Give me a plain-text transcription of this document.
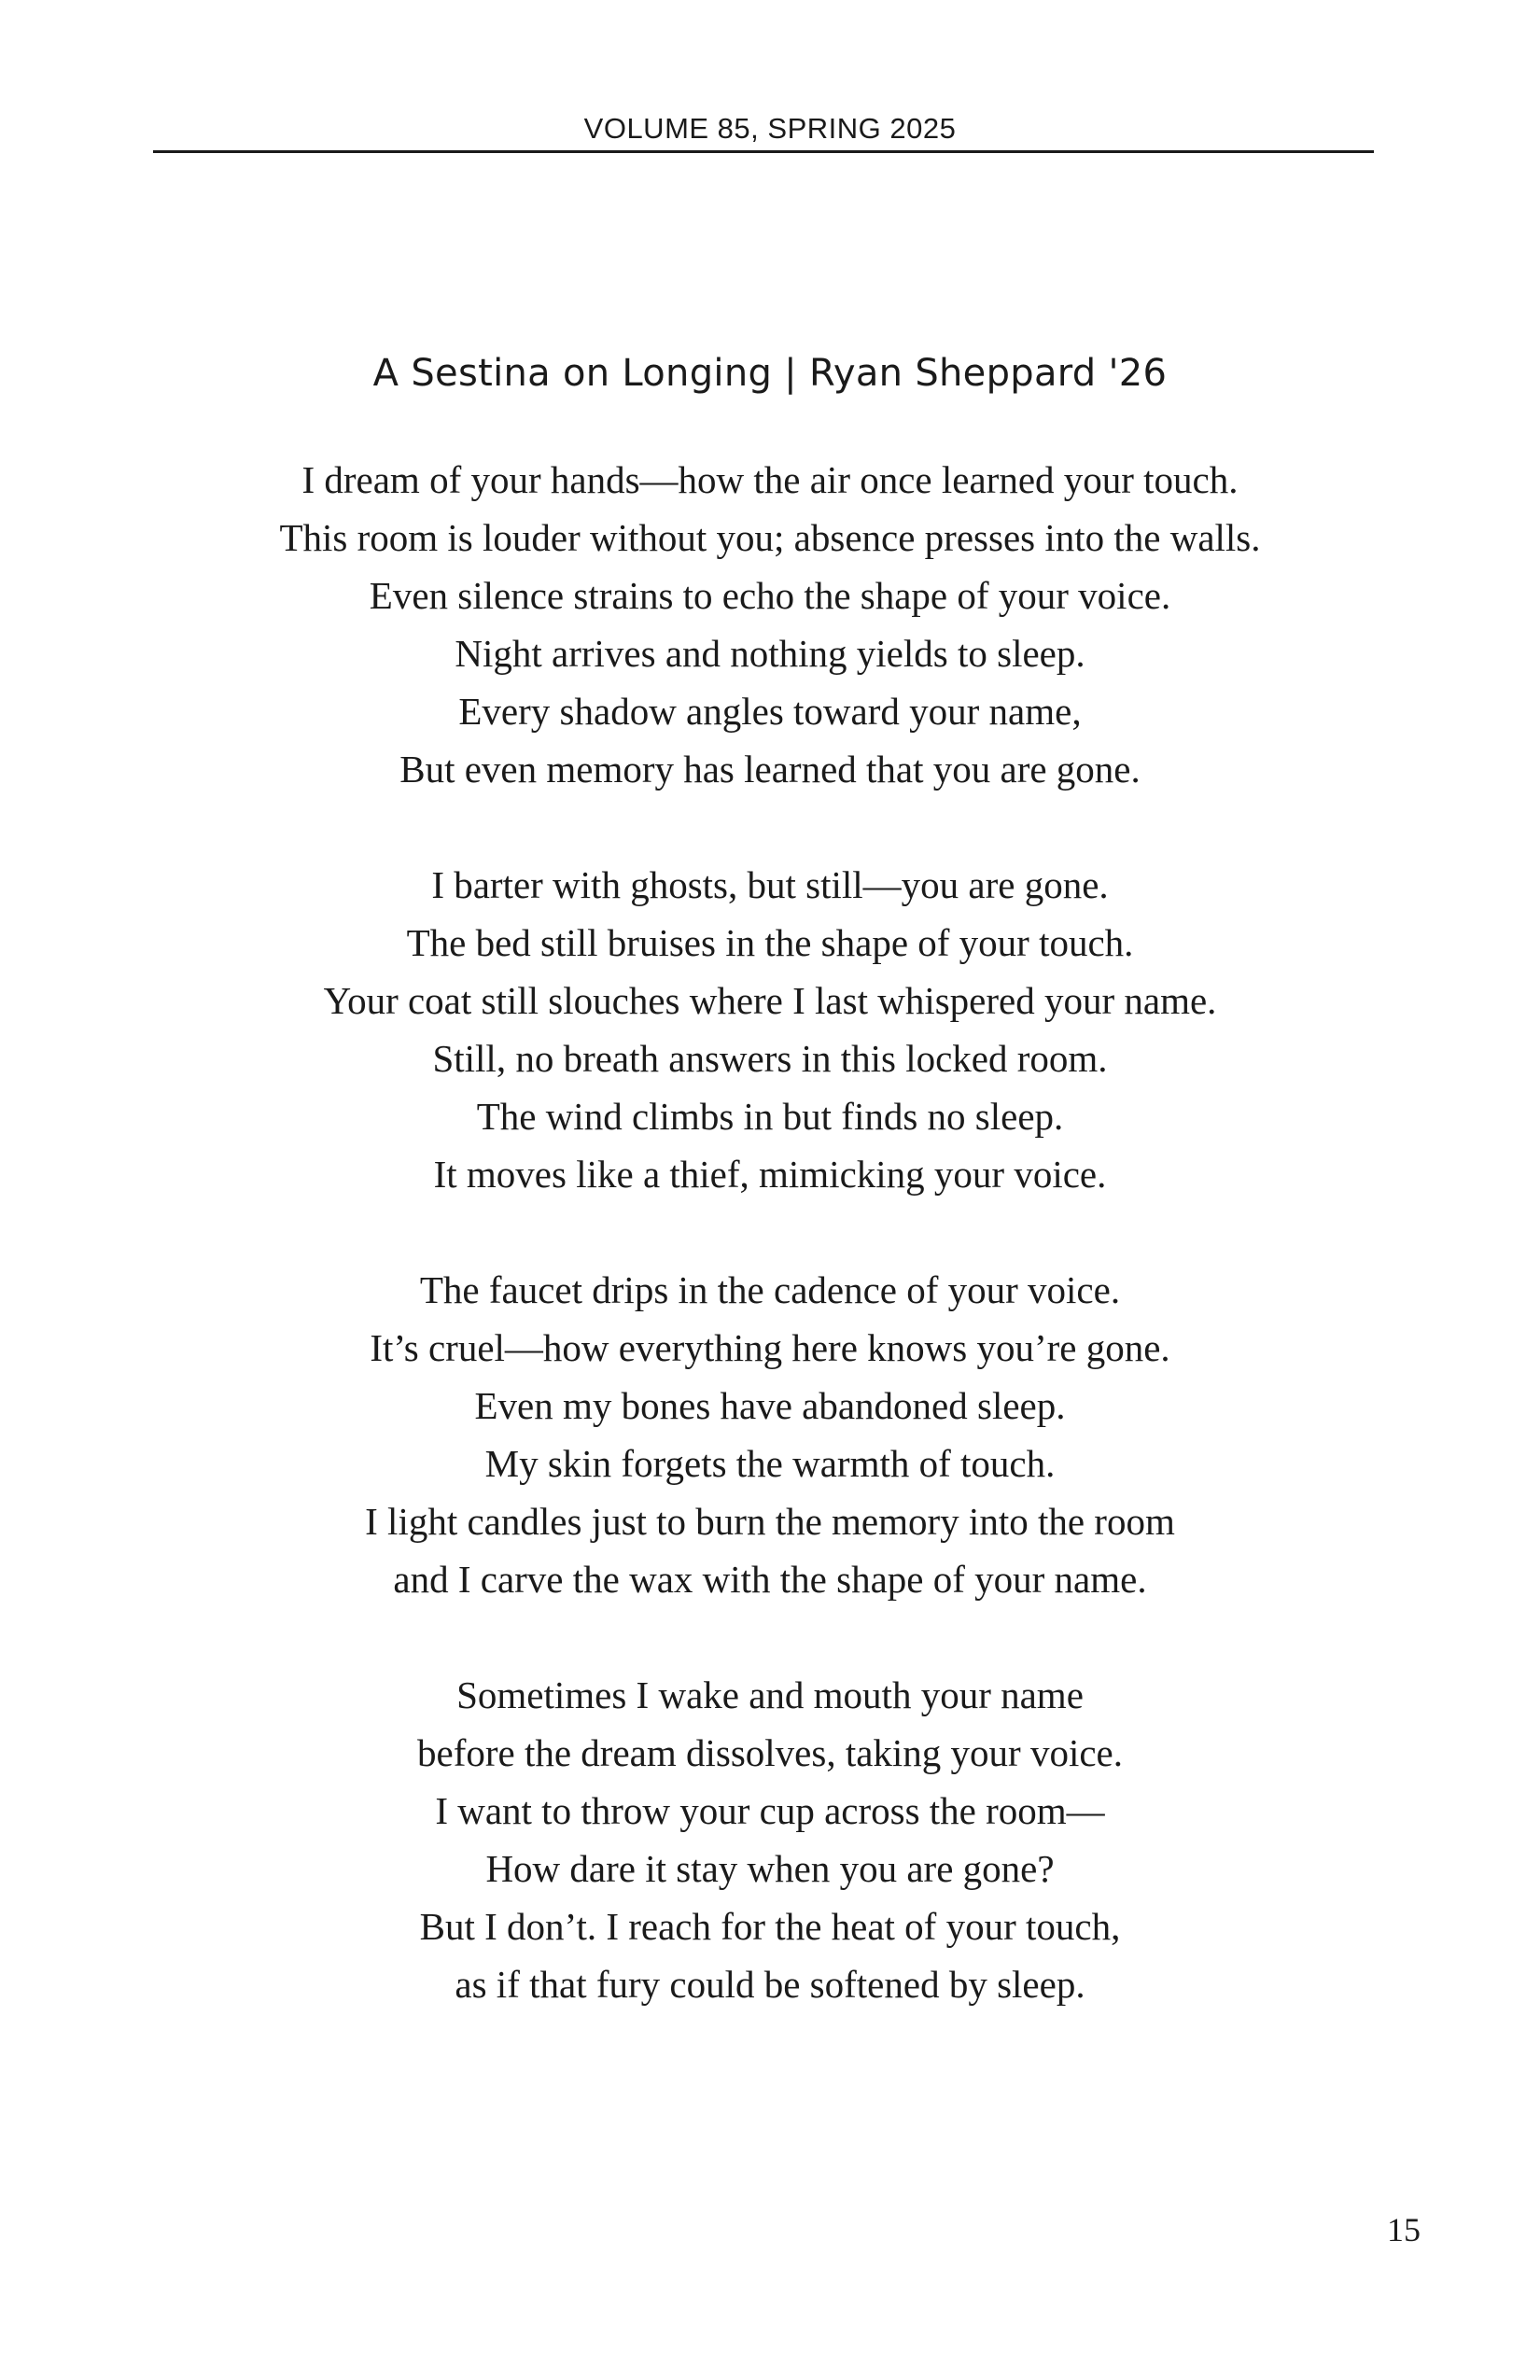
VOLUME 85, SPRING 2025
A Sestina on Longing | Ryan Sheppard '26
I dream of your hands—how the air once learned your touch.
This room is louder without you; absence presses into the walls.
Even silence strains to echo the shape of your voice.
Night arrives and nothing yields to sleep.
Every shadow angles toward your name,
But even memory has learned that you are gone.
I barter with ghosts, but still—you are gone.
The bed still bruises in the shape of your touch.
Your coat still slouches where I last whispered your name.
Still, no breath answers in this locked room.
The wind climbs in but finds no sleep.
It moves like a thief, mimicking your voice.
The faucet drips in the cadence of your voice.
It’s cruel—how everything here knows you’re gone.
Even my bones have abandoned sleep.
My skin forgets the warmth of touch.
I light candles just to burn the memory into the room
and I carve the wax with the shape of your name.
Sometimes I wake and mouth your name
before the dream dissolves, taking your voice.
I want to throw your cup across the room—
How dare it stay when you are gone?
But I don’t. I reach for the heat of your touch,
as if that fury could be softened by sleep.
15
